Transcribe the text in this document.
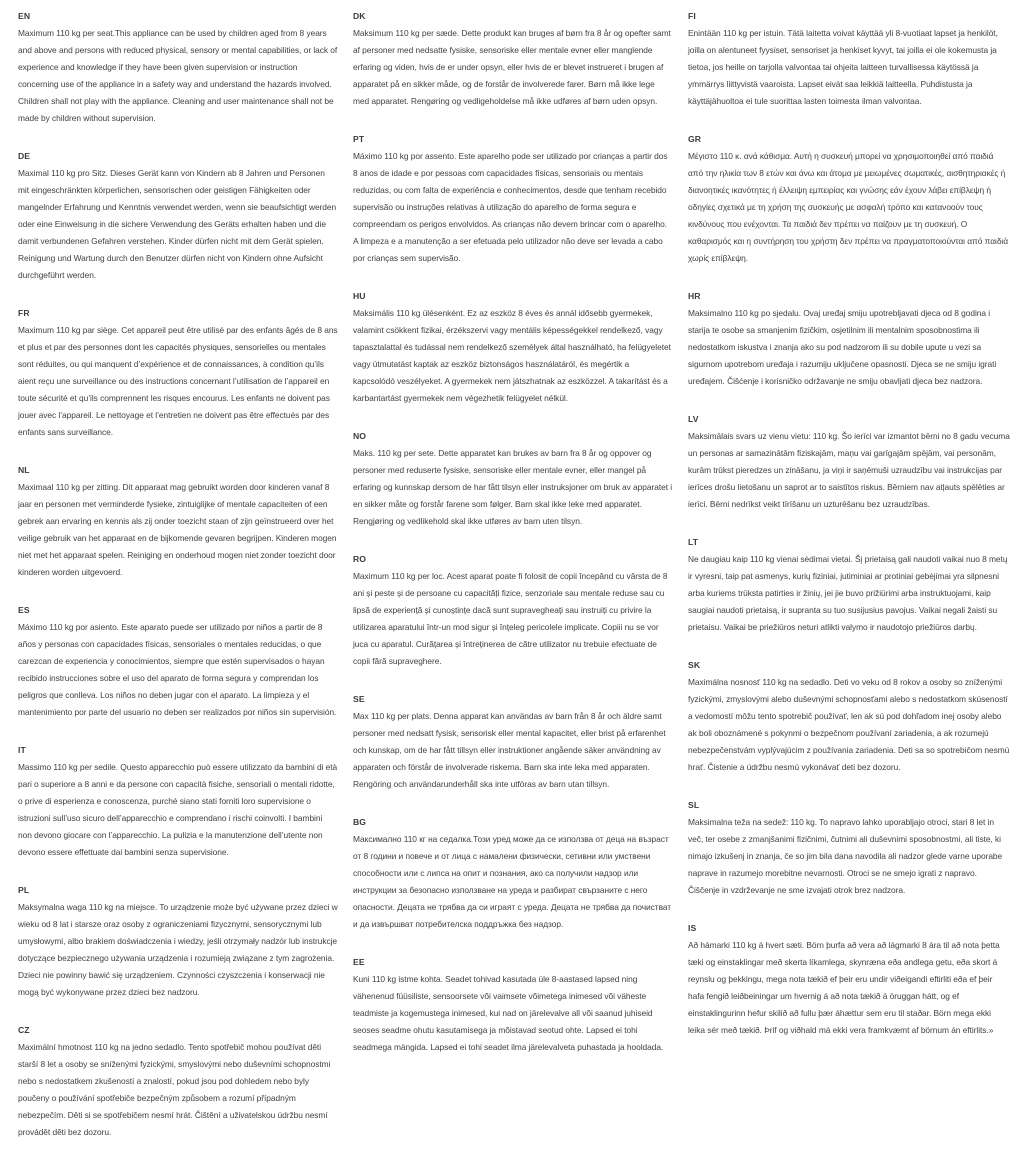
EN

Maximum 110 kg per seat.This appliance can be used by children aged from 8 years and above and persons with reduced physical, sensory or mental capabilities, or lack of experience and knowledge if they have been given supervision or instruction concerning use of the appliance in a safety way and understand the hazards involved. Children shall not play with the appliance. Cleaning and user maintenance shall not be made by children without supervision.

DE

Maximal 110 kg pro Sitz. Dieses Gerät kann von Kindern ab 8 Jahren und Personen mit eingeschränkten körperlichen, sensorischen oder geistigen Fähigkeiten oder mangelnder Erfahrung und Kenntnis verwendet werden, wenn sie beaufsichtigt werden oder eine Einweisung in die sichere Verwendung des Geräts erhalten haben und die damit verbundenen Gefahren verstehen. Kinder dürfen nicht mit dem Gerät spielen. Reinigung und Wartung durch den Benutzer dürfen nicht von Kindern ohne Aufsicht durchgeführt werden.

FR

Maximum 110 kg par siège. Cet appareil peut être utilisé par des enfants âgés de 8 ans et plus et par des personnes dont les capacités physiques, sensorielles ou mentales sont réduites, ou qui manquent d’expérience et de connaissances, à condition qu’ils aient reçu une surveillance ou des instructions concernant l’utilisation de l’appareil en toute sécurité et qu’ils comprennent les risques encourus. Les enfants ne doivent pas jouer avec l’appareil. Le nettoyage et l’entretien ne doivent pas être effectués par des enfants sans surveillance.

NL

Maximaal 110 kg per zitting. Dit apparaat mag gebruikt worden door kinderen vanaf 8 jaar en personen met verminderde fysieke, zintuiglijke of mentale capaciteiten of een gebrek aan ervaring en kennis als zij onder toezicht staan of zijn geïnstrueerd over het veilige gebruik van het apparaat en de bijkomende gevaren begrijpen. Kinderen mogen niet met het apparaat spelen. Reiniging en onderhoud mogen niet zonder toezicht door kinderen worden uitgevoerd.

ES

Máximo 110 kg por asiento. Este aparato puede ser utilizado por niños a partir de 8 años y personas con capacidades físicas, sensoriales o mentales reducidas, o que carezcan de experiencia y conocimientos, siempre que estén supervisados o hayan recibido instrucciones sobre el uso del aparato de forma segura y comprendan los peligros que conlleva. Los niños no deben jugar con el aparato. La limpieza y el mantenimiento por parte del usuario no deben ser realizados por niños sin supervisión.

IT

Massimo 110 kg per sedile. Questo apparecchio può essere utilizzato da bambini di età pari o superiore a 8 anni e da persone con capacità fisiche, sensoriali o mentali ridotte, o prive di esperienza e conoscenza, purché siano stati forniti loro supervisione o istruzioni sull’uso sicuro dell’apparecchio e comprendano i rischi coinvolti. I bambini non devono giocare con l’apparecchio. La pulizia e la manutenzione dell’utente non devono essere effettuate dai bambini senza supervisione.

PL

Maksymalna waga 110 kg na miejsce. To urządzenie może być używane przez dzieci w wieku od 8 lat i starsze oraz osoby z ograniczeniami fizycznymi, sensorycznymi lub umysłowymi, albo brakiem doświadczenia i wiedzy, jeśli otrzymały nadzór lub instrukcje dotyczące bezpiecznego używania urządzenia i rozumieją związane z tym zagrożenia. Dzieci nie powinny bawić się urządzeniem. Czynności czyszczenia i konserwacji nie mogą być wykonywane przez dzieci bez nadzoru.

CZ

Maximální hmotnost 110 kg na jedno sedadlo. Tento spotřebič mohou používat děti starší 8 let a osoby se sníženými fyzickými, smyslovými nebo duševními schopnostmi nebo s nedostatkem zkušeností a znalostí, pokud jsou pod dohledem nebo byly poučeny o používání spotřebiče bezpečným způsobem a rozumí případným nebezpečím. Děti si se spotřebičem nesmí hrát. Čištění a uživatelskou údržbu nesmí provádět děti bez dozoru.

DK

Maksimum 110 kg per sæde. Dette produkt kan bruges af børn fra 8 år og opefter samt af personer med nedsatte fysiske, sensoriske eller mentale evner eller manglende erfaring og viden, hvis de er under opsyn, eller hvis de er blevet instrueret i brugen af apparatet på en sikker måde, og de forstår de involverede farer. Børn må ikke lege med apparatet. Rengøring og vedligeholdelse må ikke udføres af børn uden opsyn.

PT

Máximo 110 kg por assento. Este aparelho pode ser utilizado por crianças a partir dos 8 anos de idade e por pessoas com capacidades físicas, sensoriais ou mentais reduzidas, ou com falta de experiência e conhecimentos, desde que tenham recebido supervisão ou instruções relativas à utilização do aparelho de forma segura e compreendam os perigos envolvidos. As crianças não devem brincar com o aparelho. A limpeza e a manutenção a ser efetuada pelo utilizador não deve ser levada a cabo por crianças sem supervisão.

HU

Maksimális 110 kg ülésenként. Ez az eszköz 8 éves és annál idősebb gyermekek, valamint csökkent fizikai, érzékszervi vagy mentális képességekkel rendelkező, vagy tapasztalattal és tudással nem rendelkező személyek által használható, ha felügyeletet vagy útmutatást kaptak az eszköz biztonságos használatáról, és megértik a kapcsolódó veszélyeket. A gyermekek nem játszhatnak az eszközzel. A takarítást és a karbantartást gyermekek nem végezhetik felügyelet nélkül.

NO

Maks. 110 kg per sete. Dette apparatet kan brukes av barn fra 8 år og oppover og personer med reduserte fysiske, sensoriske eller mentale evner, eller mangel på erfaring og kunnskap dersom de har fått tilsyn eller instruksjoner om bruk av apparatet i en sikker måte og forstår farene som følger. Barn skal ikke leke med apparatet. Rengjøring og vedlikehold skal ikke utføres av barn uten tilsyn.

RO

Maximum 110 kg per loc. Acest aparat poate fi folosit de copii începând cu vârsta de 8 ani și peste și de persoane cu capacități fizice, senzoriale sau mentale reduse sau cu lipsă de experiență și cunoștințe dacă sunt supravegheați sau instruiți cu privire la utilizarea aparatului într-un mod sigur și înțeleg pericolele implicate. Copiii nu se vor juca cu aparatul. Curățarea și întreținerea de către utilizator nu trebuie efectuate de copii fără supraveghere.

SE

Max 110 kg per plats. Denna apparat kan användas av barn från 8 år och äldre samt personer med nedsatt fysisk, sensorisk eller mental kapacitet, eller brist på erfarenhet och kunskap, om de har fått tillsyn eller instruktioner angående säker användning av apparaten och förstår de involverade riskerna. Barn ska inte leka med apparaten. Rengöring och användarunderhåll ska inte utföras av barn utan tillsyn.

BG

Максимално 110 кг на седалка.Този уред може да се използва от деца на възраст от 8 години и повече и от лица с намалени физически, сетивни или умствени способности или с липса на опит и познания, ако са получили надзор или инструкции за безопасно използване на уреда и разбират свързаните с него опасности. Децата не трябва да си играят с уреда. Децата не трябва да почистват и да извършват потребителска поддръжка без надзор.

EE

Kuni 110 kg istme kohta. Seadet tohivad kasutada üle 8-aastased lapsed ning vähenenud füüsiliste, sensoorsete või vaimsete võimetega inimesed või väheste teadmiste ja kogemustega inimesed, kui nad on järelevalve all või saanud juhiseid seoses seadme ohutu kasutamisega ja mõistavad seotud ohte. Lapsed ei tohi seadmega mängida. Lapsed ei tohi seadet ilma järelevalveta puhastada ja hooldada.

FI

Enintään 110 kg per istuin. Tätä laitetta voivat käyttää yli 8-vuotiaat lapset ja henkilöt, joilla on alentuneet fyysiset, sensoriset ja henkiset kyvyt, tai joilla ei ole kokemusta ja tietoa, jos heille on tarjolla valvontaa tai ohjeita laitteen turvallisessa käytössä ja ymmärrys liittyvistä vaaroista. Lapset eivät saa leikkiä laitteella. Puhdistusta ja käyttäjähuoltoa ei tule suorittaa lasten toimesta ilman valvontaa.

GR

Μέγιστο 110 κ. ανά κάθισμα. Αυτή η συσκευή μπορεί να χρησιμοποιηθεί από παιδιά από την ηλικία των 8 ετών και άνω και άτομα με μειωμένες σωματικές, αισθητηριακές ή διανοητικές ικανότητες ή έλλειψη εμπειρίας και γνώσης εάν έχουν λάβει επίβλεψη ή οδηγίες σχετικά με τη χρήση της συσκευής με ασφαλή τρόπο και κατανοούν τους κινδύνους που ενέχονται. Τα παιδιά δεν πρέπει να παίζουν με τη συσκευή. Ο καθαρισμός και η συντήρηση του χρήστη δεν πρέπει να πραγματοποιούνται από παιδιά χωρίς επίβλεψη.

HR

Maksimalno 110 kg po sjedalu. Ovaj uređaj smiju upotrebljavati djeca od 8 godina i starija te osobe sa smanjenim fizičkim, osjetilnim ili mentalnim sposobnostima ili nedostatkom iskustva i znanja ako su pod nadzorom ili su dobile upute u vezi sa sigurnom upotrebom uređaja i razumiju uključene opasnosti. Djeca se ne smiju igrati uređajem. Čišćenje i korisničko održavanje ne smiju obavljati djeca bez nadzora.

LV

Maksimālais svars uz vienu vietu: 110 kg. Šo ierīci var izmantot bērni no 8 gadu vecuma un personas ar samazinātām fiziskajām, maņu vai garīgajām spējām, vai personām, kurām trūkst pieredzes un zināšanu, ja viņi ir saņēmuši uzraudzību vai instrukcijas par ierīces drošu lietošanu un saprot ar to saistītos riskus. Bērniem nav atļauts spēlēties ar ierīci. Bērni nedrīkst veikt tīrīšanu un uzturēšanu bez uzraudzības.

LT

Ne daugiau kaip 110 kg vienai sėdimai vietai. Šį prietaisą gali naudoti vaikai nuo 8 metų ir vyresni, taip pat asmenys, kurių fiziniai, jutiminiai ar protiniai gebėjimai yra silpnesni arba kuriems trūksta patirties ir žinių, jei jie buvo prižiūrimi arba instruktuojami, kaip saugiai naudoti prietaisą, ir supranta su tuo susijusius pavojus. Vaikai negali žaisti su prietaisu. Vaikai be priežiūros neturi atlikti valymo ir naudotojo priežiūros darbų.

SK

Maximálna nosnosť 110 kg na sedadlo. Deti vo veku od 8 rokov a osoby so zníženými fyzickými, zmyslovými alebo duševnými schopnosťami alebo s nedostatkom skúseností a vedomostí môžu tento spotrebič používať, len ak sú pod dohľadom inej osoby alebo ak boli oboznámené s pokynmi o bezpečnom používaní zariadenia, a ak rozumejú nebezpečenstvám vyplývajúcim z používania zariadenia. Deti sa so spotrebičom nesmú hrať. Čistenie a údržbu nesmú vykonávať deti bez dozoru.

SL

Maksimalna teža na sedež: 110 kg. To napravo lahko uporabljajo otroci, stari 8 let in več, ter osebe z zmanjšanimi fizičnimi, čutnimi ali duševnimi sposobnostmi, ali tiste, ki nimajo izkušenj in znanja, če so jim bila dana navodila ali nadzor glede varne uporabe naprave in razumejo morebitne nevarnosti. Otroci se ne smejo igrati z napravo. Čiščenje in vzdrževanje ne sme izvajati otrok brez nadzora.

IS

Að hámarki 110 kg á hvert sæti. Börn þurfa að vera að lágmarki 8 ára til að nota þetta tæki og einstaklingar með skerta líkamlega, skynræna eða andlega getu, eða skort á reynslu og þekkingu, mega nota tækið ef þeir eru undir viðeigandi eftirliti eða ef þeir hafa fengið leiðbeiningar um hvernig á að nota tækið á öruggan hátt, og ef einstaklingurinn hefur skilið að fullu þær áhættur sem eru til staðar. Börn mega ekki leika sér með tækið. Þrif og viðhald má ekki vera framkvæmt af börnum án eftirlits.»
